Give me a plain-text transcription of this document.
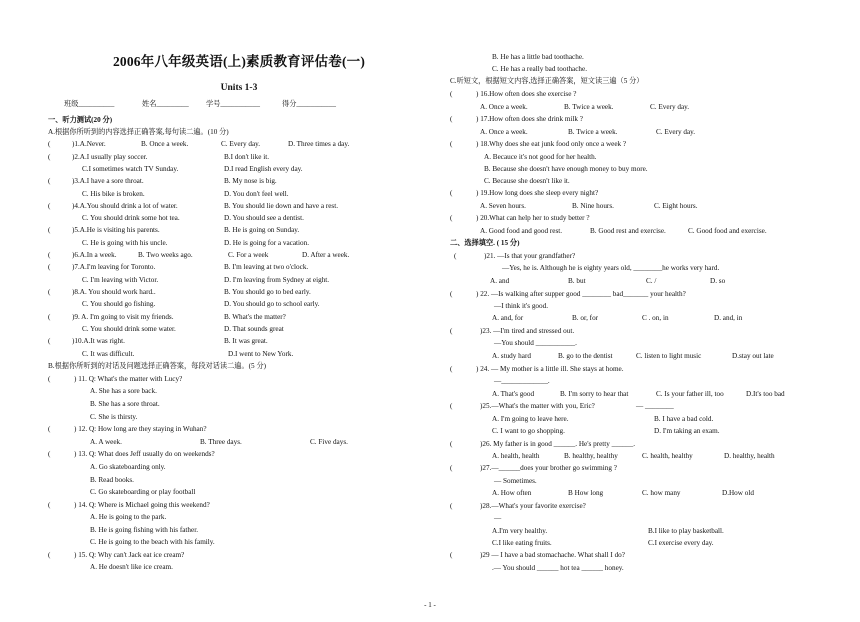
2006年八年级英语(上)素质教育评估卷(一)
Units 1-3
班级__________	姓名_________ 学号___________	得分___________
一、听力测试(20 分)
A.根据你所听到的内容选择正确答案,每句读二遍。(10 分)
(	)1.A.Never.	B. Once a week.	C. Every day.	D. Three times a day.
(	)2.A.I usually play soccer.	B.I don't like it.
C.I sometimes watch TV Sunday.	D.I read English every day.
(	)3.A.I have a sore throat.	B. My nose is big.
C. His bike is broken.	D. You don't feel well.
(	)4.A.You should drink a lot of water.	B. You should lie down and have a rest.
C. You should drink some hot tea.	D. You should see a dentist.
(	)5.A.He is visiting his parents.	B. He is going on Sunday.
C. He is going with his uncle.	D. He is going for a vacation.
(	)6.A.In a week.	B. Two weeks ago.	C. For a week	D. After a week.
(	)7.A.I'm leaving for Toronto.	B. I'm leaving at two o'clock.
C. I'm leaving with Victor.	D. I'm leaving from Sydney at eight.
(	)8.A. You should work hard..	B. You should go to bed early.
C. You should go fishing.	D. You should go to school early.
(	)9. A. I'm going to visit my friends.	B. What's the matter?
C. You should drink some water.	D. That sounds great
(	)10.A.It was right.	B. It was great.
C. It was difficult.	D.I went to New York.
B.根据你所听到的对话及问题选择正确答案，每段对话读二遍。(5 分)
(	) 11. Q: What's the matter with Lucy?
A. She has a sore back.
B. She has a sore throat.
C. She is thirsty.
(	) 12. Q: How long are they staying in Wuhan?
A. A week.	B. Three days.	C. Five days.
(	) 13. Q: What does Jeff usually do on weekends?
A. Go skateboarding only.
B. Read books.
C. Go skateboarding or play football
(	) 14. Q: Where is Michael going this weekend?
A. He is going to the park.
B. He is going fishing with his father.
C. He is going to the beach with his family.
(	) 15. Q: Why can't Jack eat ice cream?
A. He doesn't like ice cream.
B. He has a little bad toothache.
C. He has a really bad toothache.
C.听短文，根据短文内容,选择正确答案，短文读三遍（5 分）
(	) 16.How often does she exercise ?
A. Once a week.	B. Twice a week.	C. Every day.
(	) 17.How often does she drink milk ?
A. Once a week.	B. Twice a week.	C. Every day.
(	) 18.Why does she eat junk food only once a week ?
A. Becauce it's not good for her health.
B. Because she doesn't have enough money to buy more.
C. Because she doesn't like it.
(	) 19.How long does she sleep every night?
A. Seven hours.	B. Nine hours.	C. Eight hours.
(	) 20.What can help her to study better ?
A. Good food and good rest.	B. Good rest and exercise.	C. Good food and exercise.
二、选择填空. ( 15 分)
(	)21. —Is that your grandfather?
—Yes, he is. Although he is eighty years old, ________he works very hard.
A. and	B. but	C. /	D. so
(	) 22. —Is walking after supper good ________ bad_______ your health?
—I think it's good.
A. and, for	B. or, for	C . on, in	D. and, in
(	)23. —I'm tired and stressed out.
—You should ___________.
A. study hard	B. go to the dentist	C. listen to light music	D.stay out late
(	) 24. — My mother is a little ill. She stays at home.
—_____________.
A. That's good	B. I'm sorry to hear that	C. Is your father ill, too	D.It's too bad
(	)25.—What's the matter with you, Eric?	— ________
A. I'm going to leave here.	B. I have a bad cold.
C. I want to go shopping.	D. I'm taking an exam.
(	)26. My father is in good ______. He's pretty ______.
A. health, health	B. healthy, healthy	C. health, healthy	D. healthy, health
(	)27.—______does your brother go swimming ?
— Sometimes.
A. How often	B How long	C. how many	D.How old
(	)28.—What's your favorite exercise?
—
A.I'm very healthy.	B.I like to play basketball.
C.I like eating fruits.	C.I exercise every day.
(	)29 — I have a bad stomachache. What shall I do?
.— You should ______ hot tea ______ honey.
- 1 -
